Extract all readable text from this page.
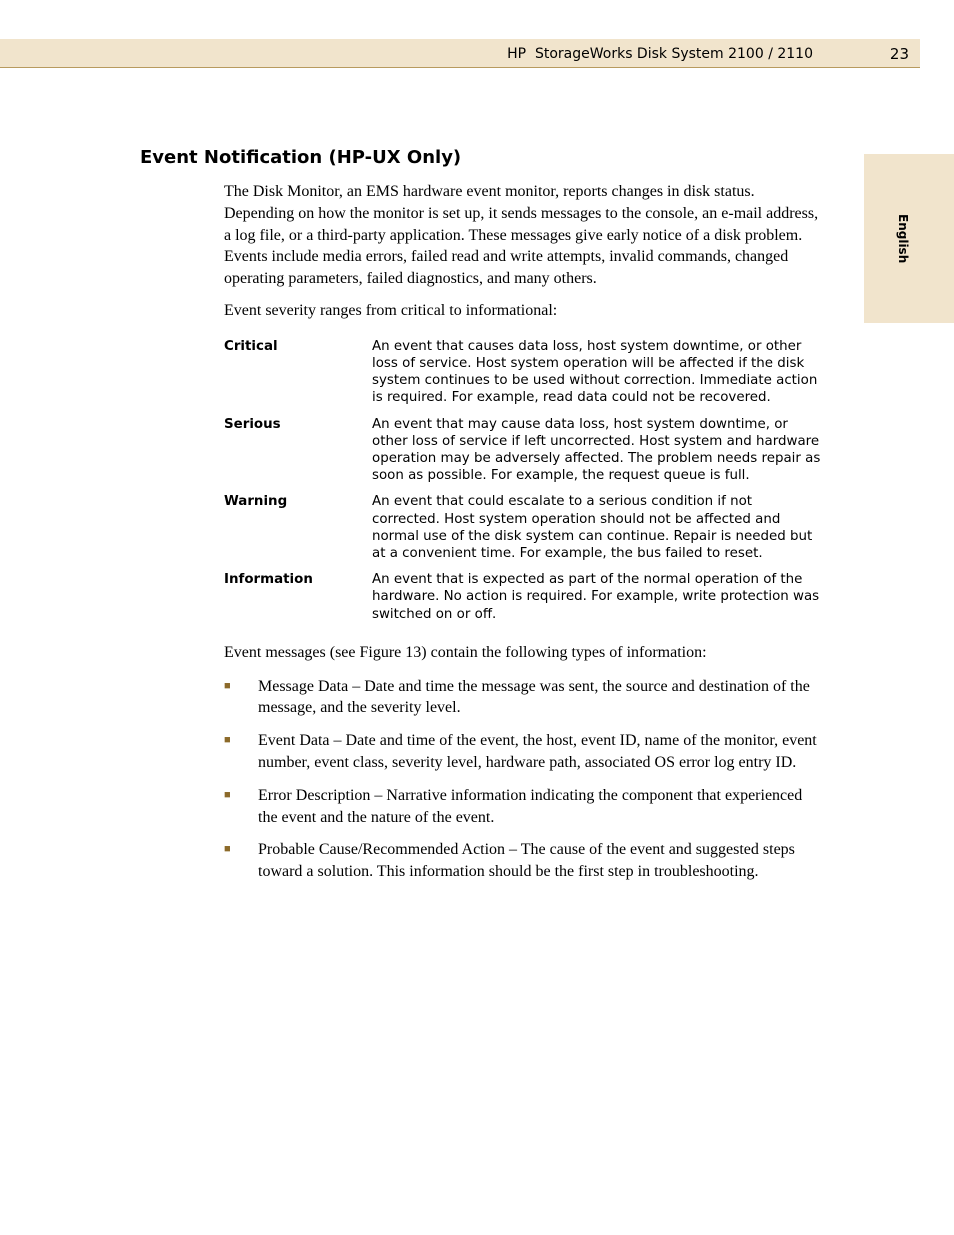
HP  StorageWorks Disk System 2100 / 2110	23
English
Event Notification (HP-UX Only)

The Disk Monitor, an EMS hardware event monitor, reports changes in disk status. Depending on how the monitor is set up, it sends messages to the console, an e-mail address, a log file, or a third-party application. These messages give early notice of a disk problem. Events include media errors, failed read and write attempts, invalid commands, changed operating parameters, failed diagnostics, and many others.

Event severity ranges from critical to informational:

Critical	An event that causes data loss, host system downtime, or other loss of service. Host system operation will be affected if the disk system continues to be used without correction. Immediate action is required. For example, read data could not be recovered.
Serious	An event that may cause data loss, host system downtime, or other loss of service if left uncorrected. Host system and hardware operation may be adversely affected. The problem needs repair as soon as possible. For example, the request queue is full.
Warning	An event that could escalate to a serious condition if not corrected. Host system operation should not be affected and normal use of the disk system can continue. Repair is needed but at a convenient time. For example, the bus failed to reset.
Information	An event that is expected as part of the normal operation of the hardware. No action is required. For example, write protection was switched on or off.

Event messages (see Figure 13) contain the following types of information:

■	Message Data – Date and time the message was sent, the source and destination of the message, and the severity level.
■	Event Data – Date and time of the event, the host, event ID, name of the monitor, event number, event class, severity level, hardware path, associated OS error log entry ID.
■	Error Description – Narrative information indicating the component that experienced the event and the nature of the event.
■	Probable Cause/Recommended Action – The cause of the event and suggested steps toward a solution. This information should be the first step in troubleshooting.
